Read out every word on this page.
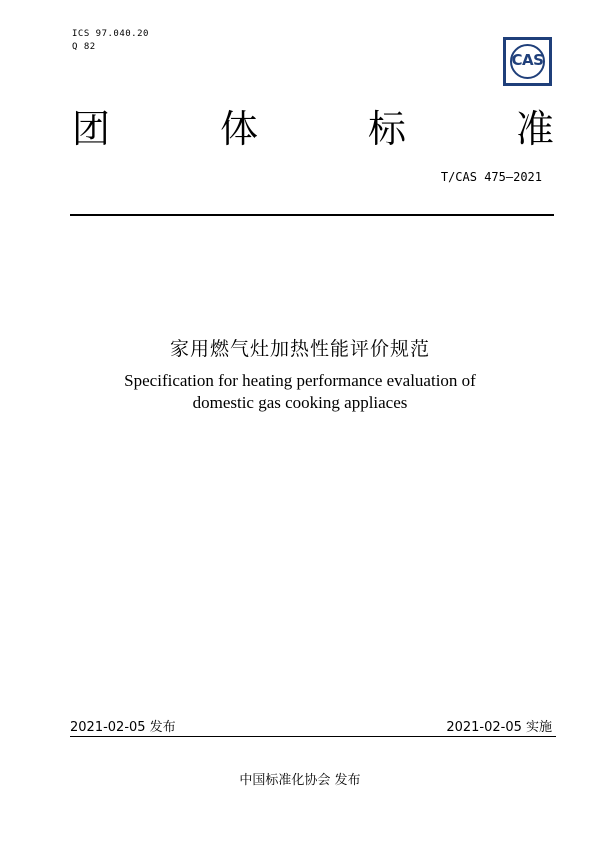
ICS 97.040.20
Q 82
CAS
团	体	标	准
T/CAS 475—2021
家用燃气灶加热性能评价规范
Specification for heating performance evaluation of
domestic gas cooking appliaces
2021-02-05 发布	2021-02-05 实施
中国标准化协会 发布
